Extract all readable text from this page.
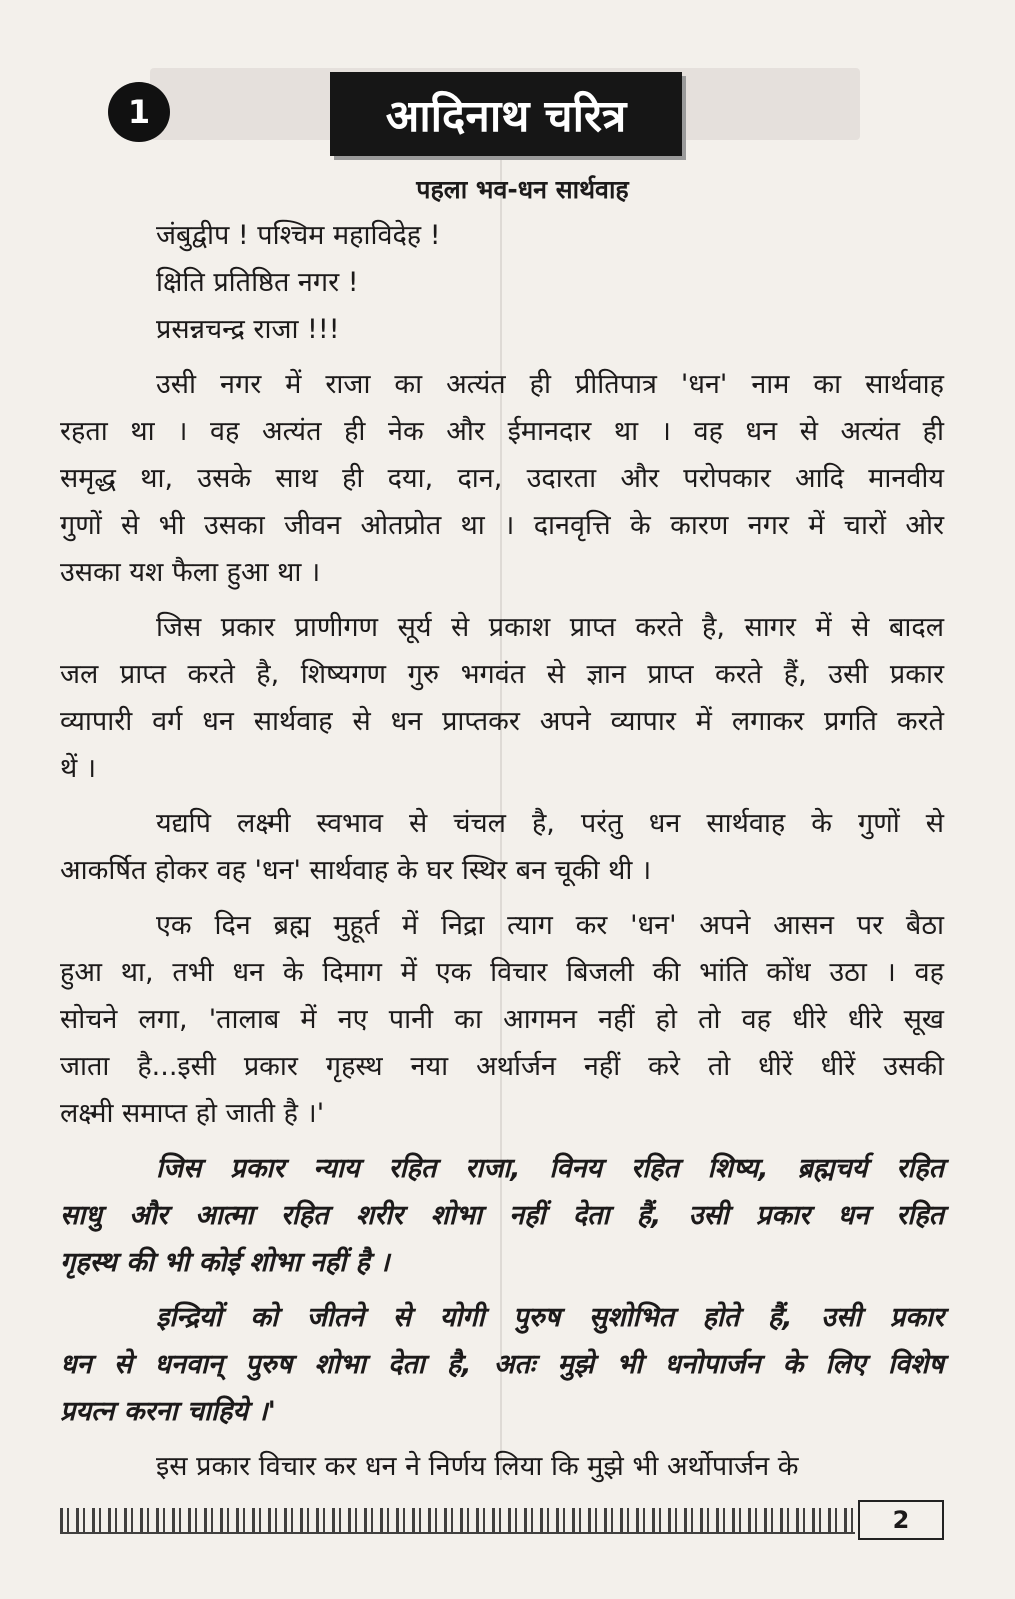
1	आदिनाथ चरित्र
पहला भव-धन सार्थवाह
जंबुद्वीप ! पश्चिम महाविदेह !
क्षिति प्रतिष्ठित नगर !
प्रसन्नचन्द्र राजा !!!
उसी नगर में राजा का अत्यंत ही प्रीतिपात्र 'धन' नाम का सार्थवाह
रहता था । वह अत्यंत ही नेक और ईमानदार था । वह धन से अत्यंत ही
समृद्ध था, उसके साथ ही दया, दान, उदारता और परोपकार आदि मानवीय
गुणों से भी उसका जीवन ओतप्रोत था । दानवृत्ति के कारण नगर में चारों ओर
उसका यश फैला हुआ था ।
जिस प्रकार प्राणीगण सूर्य से प्रकाश प्राप्त करते है, सागर में से बादल
जल प्राप्त करते है, शिष्यगण गुरु भगवंत से ज्ञान प्राप्त करते हैं, उसी प्रकार
व्यापारी वर्ग धन सार्थवाह से धन प्राप्तकर अपने व्यापार में लगाकर प्रगति करते
थें ।
यद्यपि लक्ष्मी स्वभाव से चंचल है, परंतु धन सार्थवाह के गुणों से
आकर्षित होकर वह 'धन' सार्थवाह के घर स्थिर बन चूकी थी ।
एक दिन ब्रह्म मुहूर्त में निद्रा त्याग कर 'धन' अपने आसन पर बैठा
हुआ था, तभी धन के दिमाग में एक विचार बिजली की भांति कोंध उठा । वह
सोचने लगा, 'तालाब में नए पानी का आगमन नहीं हो तो वह धीरे धीरे सूख
जाता है...इसी प्रकार गृहस्थ नया अर्थार्जन नहीं करे तो धीरें धीरें उसकी
लक्ष्मी समाप्त हो जाती है ।'
जिस प्रकार न्याय रहित राजा, विनय रहित शिष्य, ब्रह्मचर्य रहित
साधु और आत्मा रहित शरीर शोभा नहीं देता हैं, उसी प्रकार धन रहित
गृहस्थ की भी कोई शोभा नहीं है ।
इन्द्रियों को जीतने से योगी पुरुष सुशोभित होते हैं, उसी प्रकार
धन से धनवान् पुरुष शोभा देता है, अतः मुझे भी धनोपार्जन के लिए विशेष
प्रयत्न करना चाहिये ।'
इस प्रकार विचार कर धन ने निर्णय लिया कि मुझे भी अर्थोपार्जन के
2
